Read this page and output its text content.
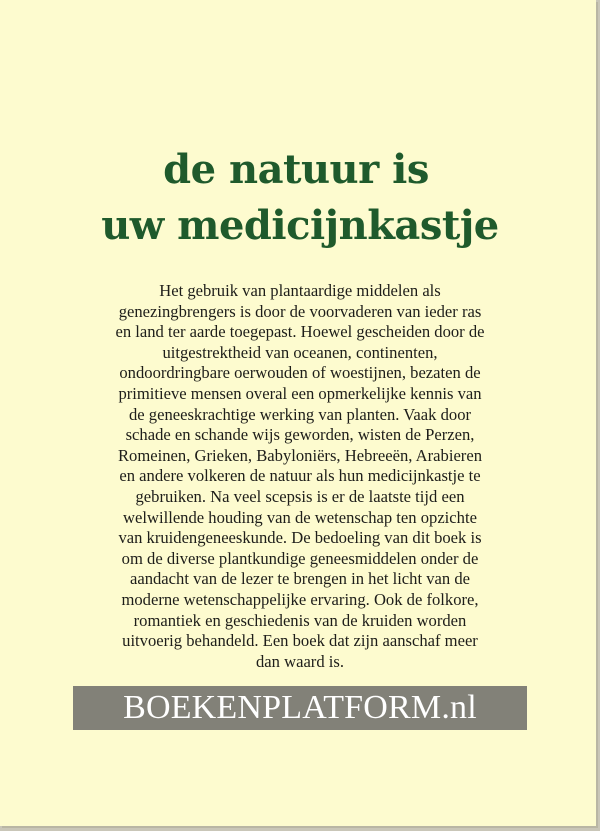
de natuur is
uw medicijnkastje
Het gebruik van plantaardige middelen als
genezingbrengers is door de voorvaderen van ieder ras
en land ter aarde toegepast. Hoewel gescheiden door de
uitgestrektheid van oceanen, continenten,
ondoordringbare oerwouden of woestijnen, bezaten de
primitieve mensen overal een opmerkelijke kennis van
de geneeskrachtige werking van planten. Vaak door
schade en schande wijs geworden, wisten de Perzen,
Romeinen, Grieken, Babyloniërs, Hebreeën, Arabieren
en andere volkeren de natuur als hun medicijnkastje te
gebruiken. Na veel scepsis is er de laatste tijd een
welwillende houding van de wetenschap ten opzichte
van kruidengeneeskunde. De bedoeling van dit boek is
om de diverse plantkundige geneesmiddelen onder de
aandacht van de lezer te brengen in het licht van de
moderne wetenschappelijke ervaring. Ook de folkore,
romantiek en geschiedenis van de kruiden worden
uitvoerig behandeld. Een boek dat zijn aanschaf meer
dan waard is.
BOEKENPLATFORM.nl
